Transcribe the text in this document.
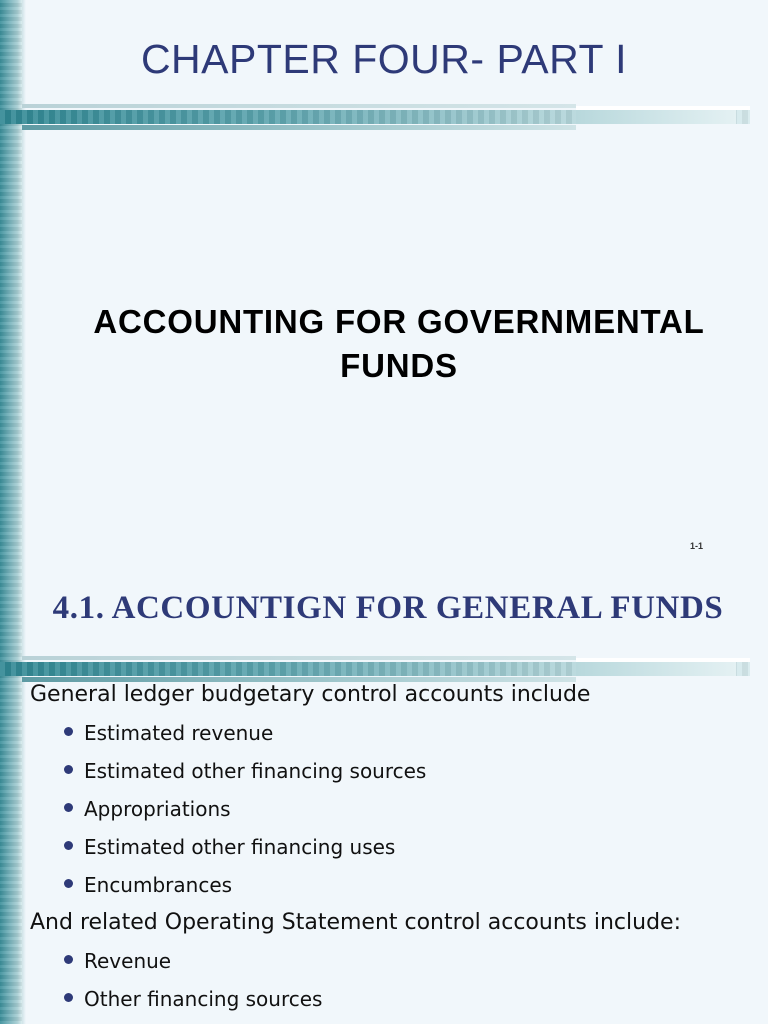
CHAPTER FOUR- PART I
ACCOUNTING FOR GOVERNMENTAL
FUNDS
1-1
4.1. ACCOUNTIGN FOR GENERAL FUNDS

General ledger budgetary control accounts include

Estimated revenue
Estimated other financing sources
Appropriations
Estimated other financing uses
Encumbrances

And related Operating Statement control accounts include:

Revenue
Other financing sources
